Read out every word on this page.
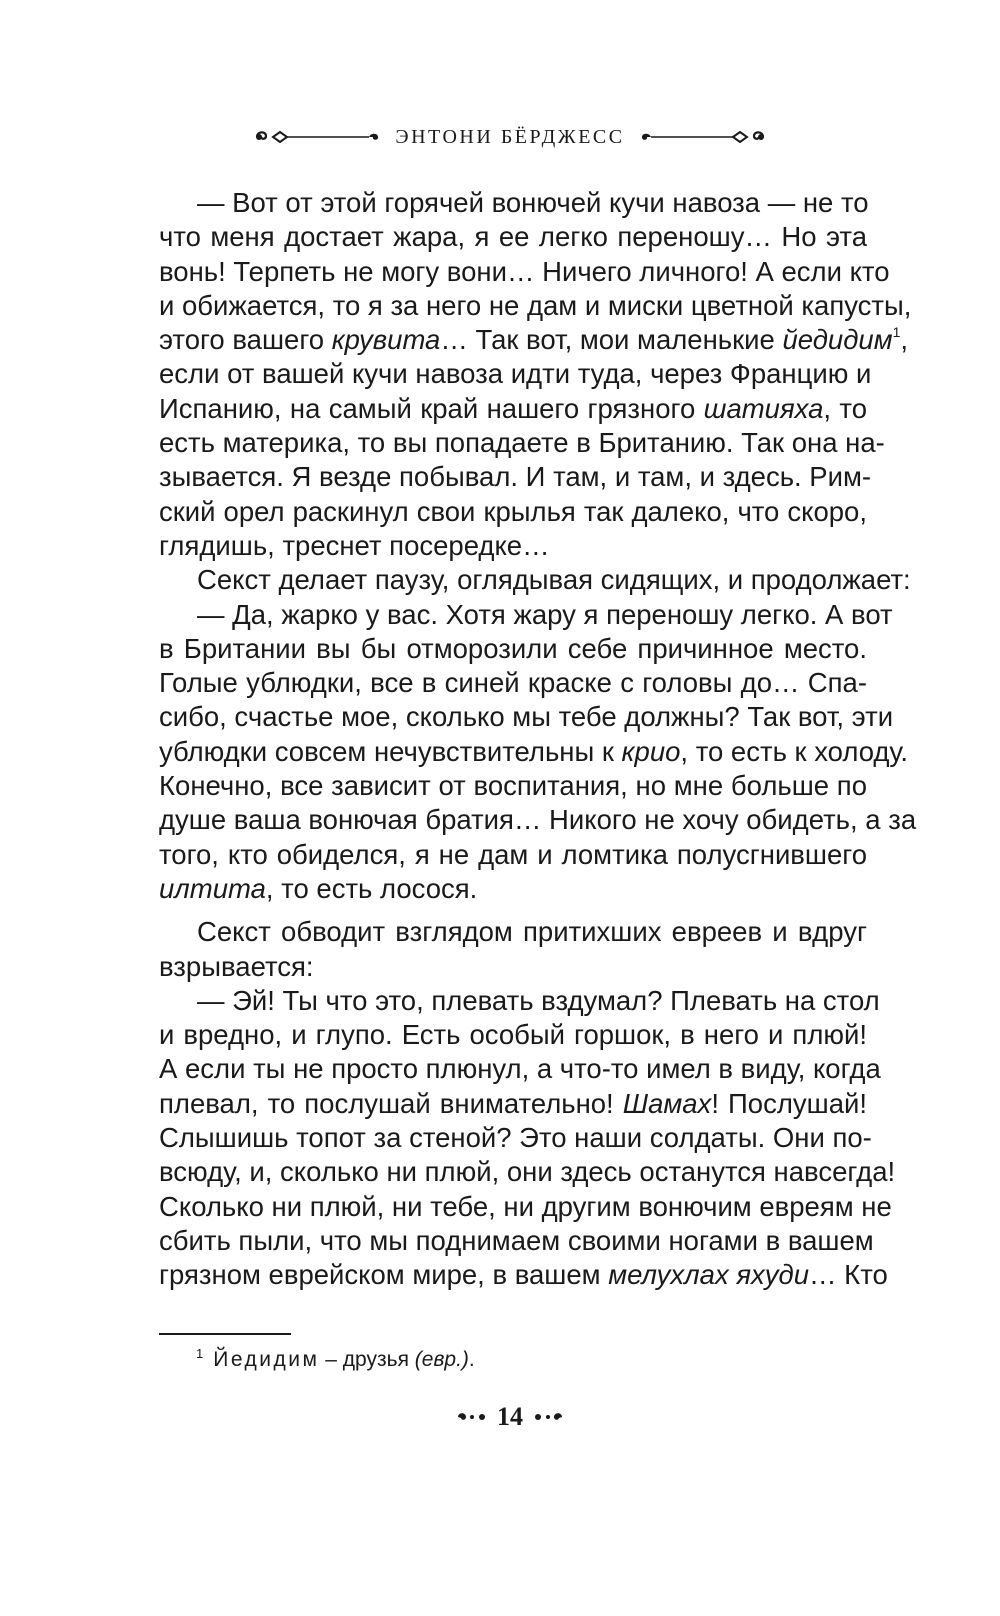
ЭНТОНИ БЁРДЖЕСС
— Вот от этой горячей вонючей кучи навоза — не то
что меня достает жара, я ее легко переношу… Но эта
вонь! Терпеть не могу вони… Ничего личного! А если кто
и обижается, то я за него не дам и миски цветной капусты,
этого вашего крувита… Так вот, мои маленькие йедидим$^1$,
если от вашей кучи навоза идти туда, через Францию и
Испанию, на самый край нашего грязного шатияха, то
есть материка, то вы попадаете в Британию. Так она на-
зывается. Я везде побывал. И там, и там, и здесь. Рим-
ский орел раскинул свои крылья так далеко, что скоро,
глядишь, треснет посередке…
Секст делает паузу, оглядывая сидящих, и продолжает:
— Да, жарко у вас. Хотя жару я переношу легко. А вот
в Британии вы бы отморозили себе причинное место.
Голые ублюдки, все в синей краске с головы до… Спа-
сибо, счастье мое, сколько мы тебе должны? Так вот, эти
ублюдки совсем нечувствительны к крио, то есть к холоду.
Конечно, все зависит от воспитания, но мне больше по
душе ваша вонючая братия… Никого не хочу обидеть, а за
того, кто обиделся, я не дам и ломтика полусгнившего
илтита, то есть лосося.
Секст обводит взглядом притихших евреев и вдруг
взрывается:
— Эй! Ты что это, плевать вздумал? Плевать на стол
и вредно, и глупо. Есть особый горшок, в него и плюй!
А если ты не просто плюнул, а что-то имел в виду, когда
плевал, то послушай внимательно! Шамах! Послушай!
Слышишь топот за стеной? Это наши солдаты. Они по-
всюду, и, сколько ни плюй, они здесь останутся навсегда!
Сколько ни плюй, ни тебе, ни другим вонючим евреям не
сбить пыли, что мы поднимаем своими ногами в вашем
грязном еврейском мире, в вашем мелухлах яхуди… Кто
$^1$ Йедидим – друзья (евр.).
14
